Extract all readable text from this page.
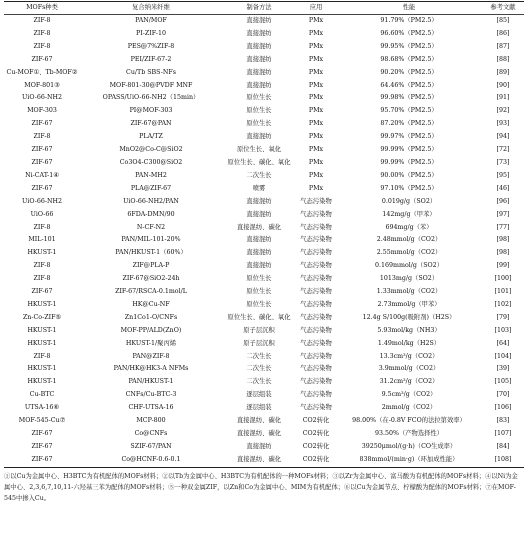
MOFs种类	复合纳米纤维	制备方法	应用	性能	参考文献
ZIF-8	PAN/MOF	直接混纺	PMx	91.79%（PM2.5）	[85]
ZIF-8	PI-ZIF-10	直接混纺	PMx	96.60%（PM2.5）	[86]
ZIF-8	PES@7%ZIF-8	直接混纺	PMx	99.95%（PM2.5）	[87]
ZIF-67	PEI/ZIF-67-2	直接混纺	PMx	98.68%（PM2.5）	[88]
Cu-MOF①、Tb-MOF②	Cu/Tb SBS-NFs	直接混纺	PMx	90.20%（PM2.5）	[89]
MOF-801③	MOF-801-30@PVDF MNF	直接混纺	PMx	64.46%（PM2.5）	[90]
UiO-66-NH2	OPASS/UiO-66-NH2（15min）	原位生长	PMx	99.98%（PM2.5）	[91]
MOF-303	PI@MOF-303	原位生长	PMx	95.70%（PM2.5）	[92]
ZIF-67	ZIF-67@PAN	原位生长	PMx	87.20%（PM2.5）	[93]
ZIF-8	PLA/TZ	直接混纺	PMx	99.97%（PM2.5）	[94]
ZIF-67	MnO2@Co-C@SiO2	原位生长、氧化	PMx	99.99%（PM2.5）	[72]
ZIF-67	Co3O4-C300@SiO2	原位生长、碳化、氧化	PMx	99.99%（PM2.5）	[73]
Ni-CAT-1④	PAN-MH2	二次生长	PMx	90.00%（PM2.5）	[95]
ZIF-67	PLA@ZIF-67	喷雾	PMx	97.10%（PM2.5）	[46]
UiO-66-NH2	UiO-66-NH2/PAN	直接混纺	气态污染物	0.019g/g（SO2）	[96]
UiO-66	6FDA-DMN/90	直接混纺	气态污染物	142mg/g（甲苯）	[97]
ZIF-8	N-CF-N2	直接混纺、碳化	气态污染物	694mg/g（苯）	[77]
MIL-101	PAN/MIL-101-20%	直接混纺	气态污染物	2.48mmol/g（CO2）	[98]
HKUST-1	PAN/HKUST-1（60%）	直接混纺	气态污染物	2.55mmol/g（CO2）	[98]
ZIF-8	ZIF@PLA-P	直接混纺	气态污染物	0.169mmol/g（SO2）	[99]
ZIF-8	ZIF-67@SiO2-24h	原位生长	气态污染物	1013mg/g（SO2）	[100]
ZIF-67	ZIF-67/RSCA-0.1mol/L	原位生长	气态污染物	1.33mmol/g（CO2）	[101]
HKUST-1	HK@Cu-NF	原位生长	气态污染物	2.73mmol/g（甲苯）	[102]
Zn-Co-ZIF⑤	Zn1Co1-O/CNFs	原位生长、碳化、氧化	气态污染物	12.4g S/100g(吸附剂)（H2S）	[79]
HKUST-1	MOF-PP/ALD(ZnO)	原子层沉积	气态污染物	5.93mol/kg（NH3）	[103]
HKUST-1	HKUST-1/聚丙烯	原子层沉积	气态污染物	1.49mol/kg（H2S）	[64]
ZIF-8	PAN@ZIF-8	二次生长	气态污染物	13.3cm³/g（CO2）	[104]
HKUST-1	PAN/HK@HK3-A NFMs	二次生长	气态污染物	3.9mmol/g（CO2）	[39]
HKUST-1	PAN/HKUST-1	二次生长	气态污染物	31.2cm³/g（CO2）	[105]
Cu-BTC	CNFs/Cu-BTC-3	逐层组装	气态污染物	9.5cm³/g（CO2）	[70]
UTSA-16⑥	CHF-UTSA-16	逐层组装	气态污染物	2mmol/g（CO2）	[106]
MOF-545-Cu⑦	MCP-800	直接混纺、碳化	CO2转化	98.00%（在-0.8V FCO的法拉第效率）	[83]
ZIF-67	Co@CNFs	直接混纺、碳化	CO2转化	93.50%（产物选择性）	[107]
ZIF-67	SZIF-67/PAN	直接混纺	CO2转化	39250μmol/(g·h)（CO生成率）	[84]
ZIF-67	Co@HCNF-0.6-0.1	直接混纺、碳化	CO2转化	838mmol/(min·g)（环加成性能）	[108]
①以Cu为金属中心、H3BTC为有机配体的MOFs材料；②以Tb为金属中心、H3BTC为有机配体的一种MOFs材料；③以Zr为金属中心、富马酸为有机配体的MOFs材料；④以Ni为金属中心、2,3,6,7,10,11-六羟基三苯为配体的MOFs材料；⑤一种双金属ZIF，以Zn和Co为金属中心、MIM为有机配体；⑥以Cu为金属节点、柠檬酸为配体的MOFs材料；⑦在MOF-545中掺入Cu。
